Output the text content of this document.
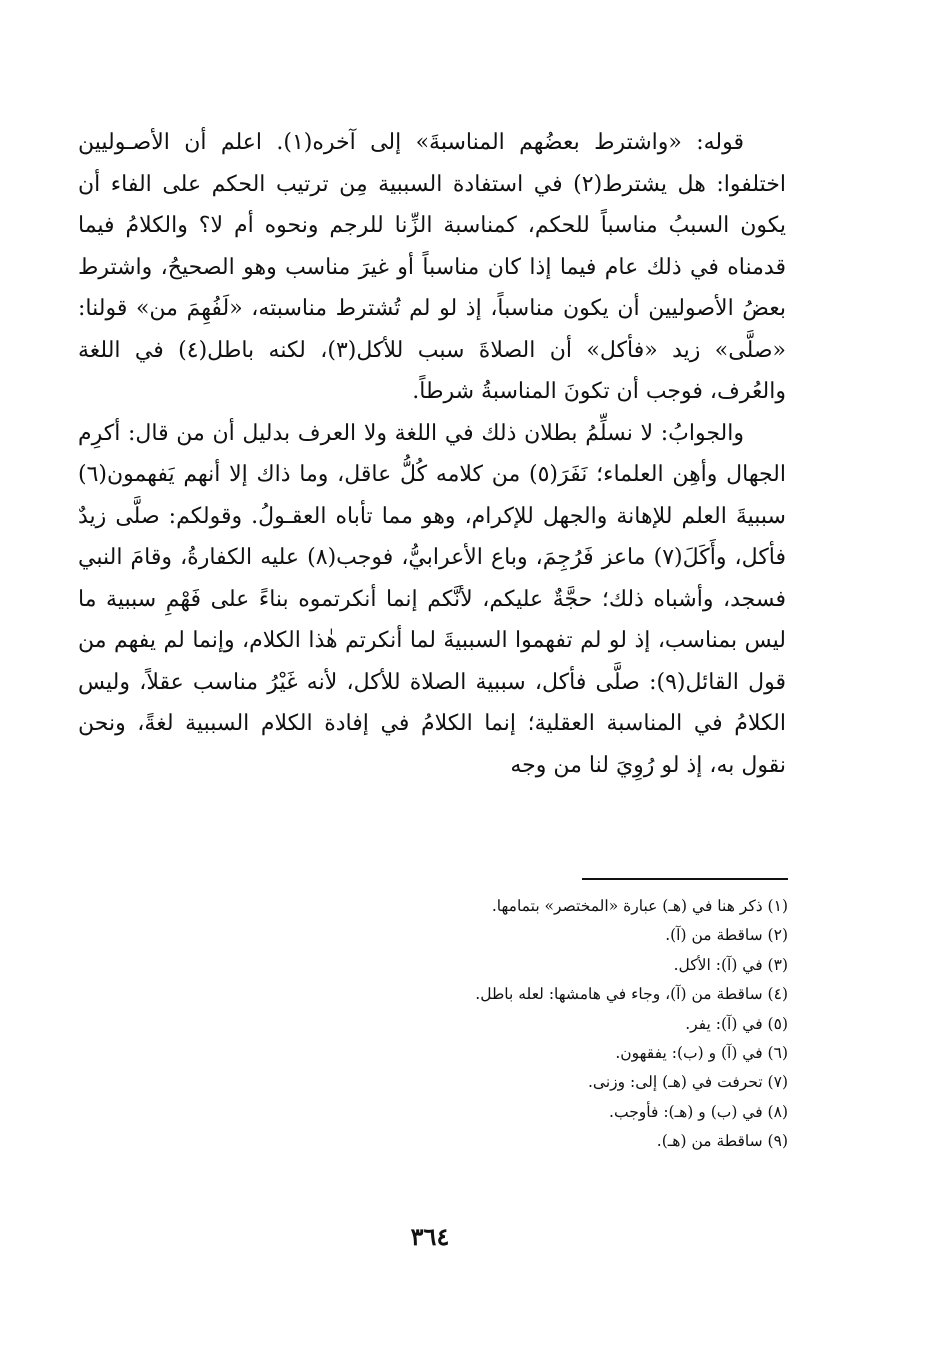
قوله: «واشترط بعضُهم المناسبةَ» إلى آخره(١). اعلم أن الأصـوليين اختلفوا: هل يشترط(٢) في استفادة السببية مِن ترتيب الحكم على الفاء أن يكون السببُ مناسباً للحكم، كمناسبة الزِّنا للرجم ونحوه أم لا؟ والكلامُ فيما قدمناه في ذلك عام فيما إذا كان مناسباً أو غيرَ مناسب وهو الصحيحُ، واشترط بعضُ الأصوليين أن يكون مناسباً، إذ لو لم تُشترط مناسبته، «لَفُهِمَ من» قولنا: «صلَّى» زيد «فأكل» أن الصلاةَ سبب للأكل(٣)، لكنه باطل(٤) في اللغة والعُرف، فوجب أن تكونَ المناسبةُ شرطاً.

والجوابُ: لا نسلِّمُ بطلان ذلك في اللغة ولا العرف بدليل أن من قال: أكرِم الجهال وأهِن العلماء؛ نَفَرَ(٥) من كلامه كُلُّ عاقل، وما ذاك إلا أنهم يَفهمون(٦) سببيةَ العلم للإهانة والجهل للإكرام، وهو مما تأباه العقـولُ. وقولكم: صلَّى زيدٌ فأكل، وأَكَلَ(٧) ماعز فَرُجِمَ، وباع الأعرابيُّ، فوجب(٨) عليه الكفارةُ، وقامَ النبي فسجد، وأشباه ذلك؛ حجَّةٌ عليكم، لأنَّكم إنما أنكرتموه بناءً على فَهْمِ سببية ما ليس بمناسب، إذ لو لم تفهموا السببيةَ لما أنكرتم هٰذا الكلام، وإنما لم يفهم من قول القائل(٩): صلَّى فأكل، سببية الصلاة للأكل، لأنه غَيْرُ مناسب عقلاً، وليس الكلامُ في المناسبة العقلية؛ إنما الكلامُ في إفادة الكلام السببية لغةً، ونحن نقول به، إذ لو رُوِيَ لنا من وجه

(١) ذكر هنا في (هـ) عبارة «المختصر» بتمامها.
(٢) ساقطة من (آ).
(٣) في (آ): الأكل.
(٤) ساقطة من (آ)، وجاء في هامشها: لعله باطل.
(٥) في (آ): يفر.
(٦) في (آ) و (ب): يفقهون.
(٧) تحرفت في (هـ) إلى: وزنى.
(٨) في (ب) و (هـ): فأوجب.
(٩) ساقطة من (هـ).
٣٦٤
